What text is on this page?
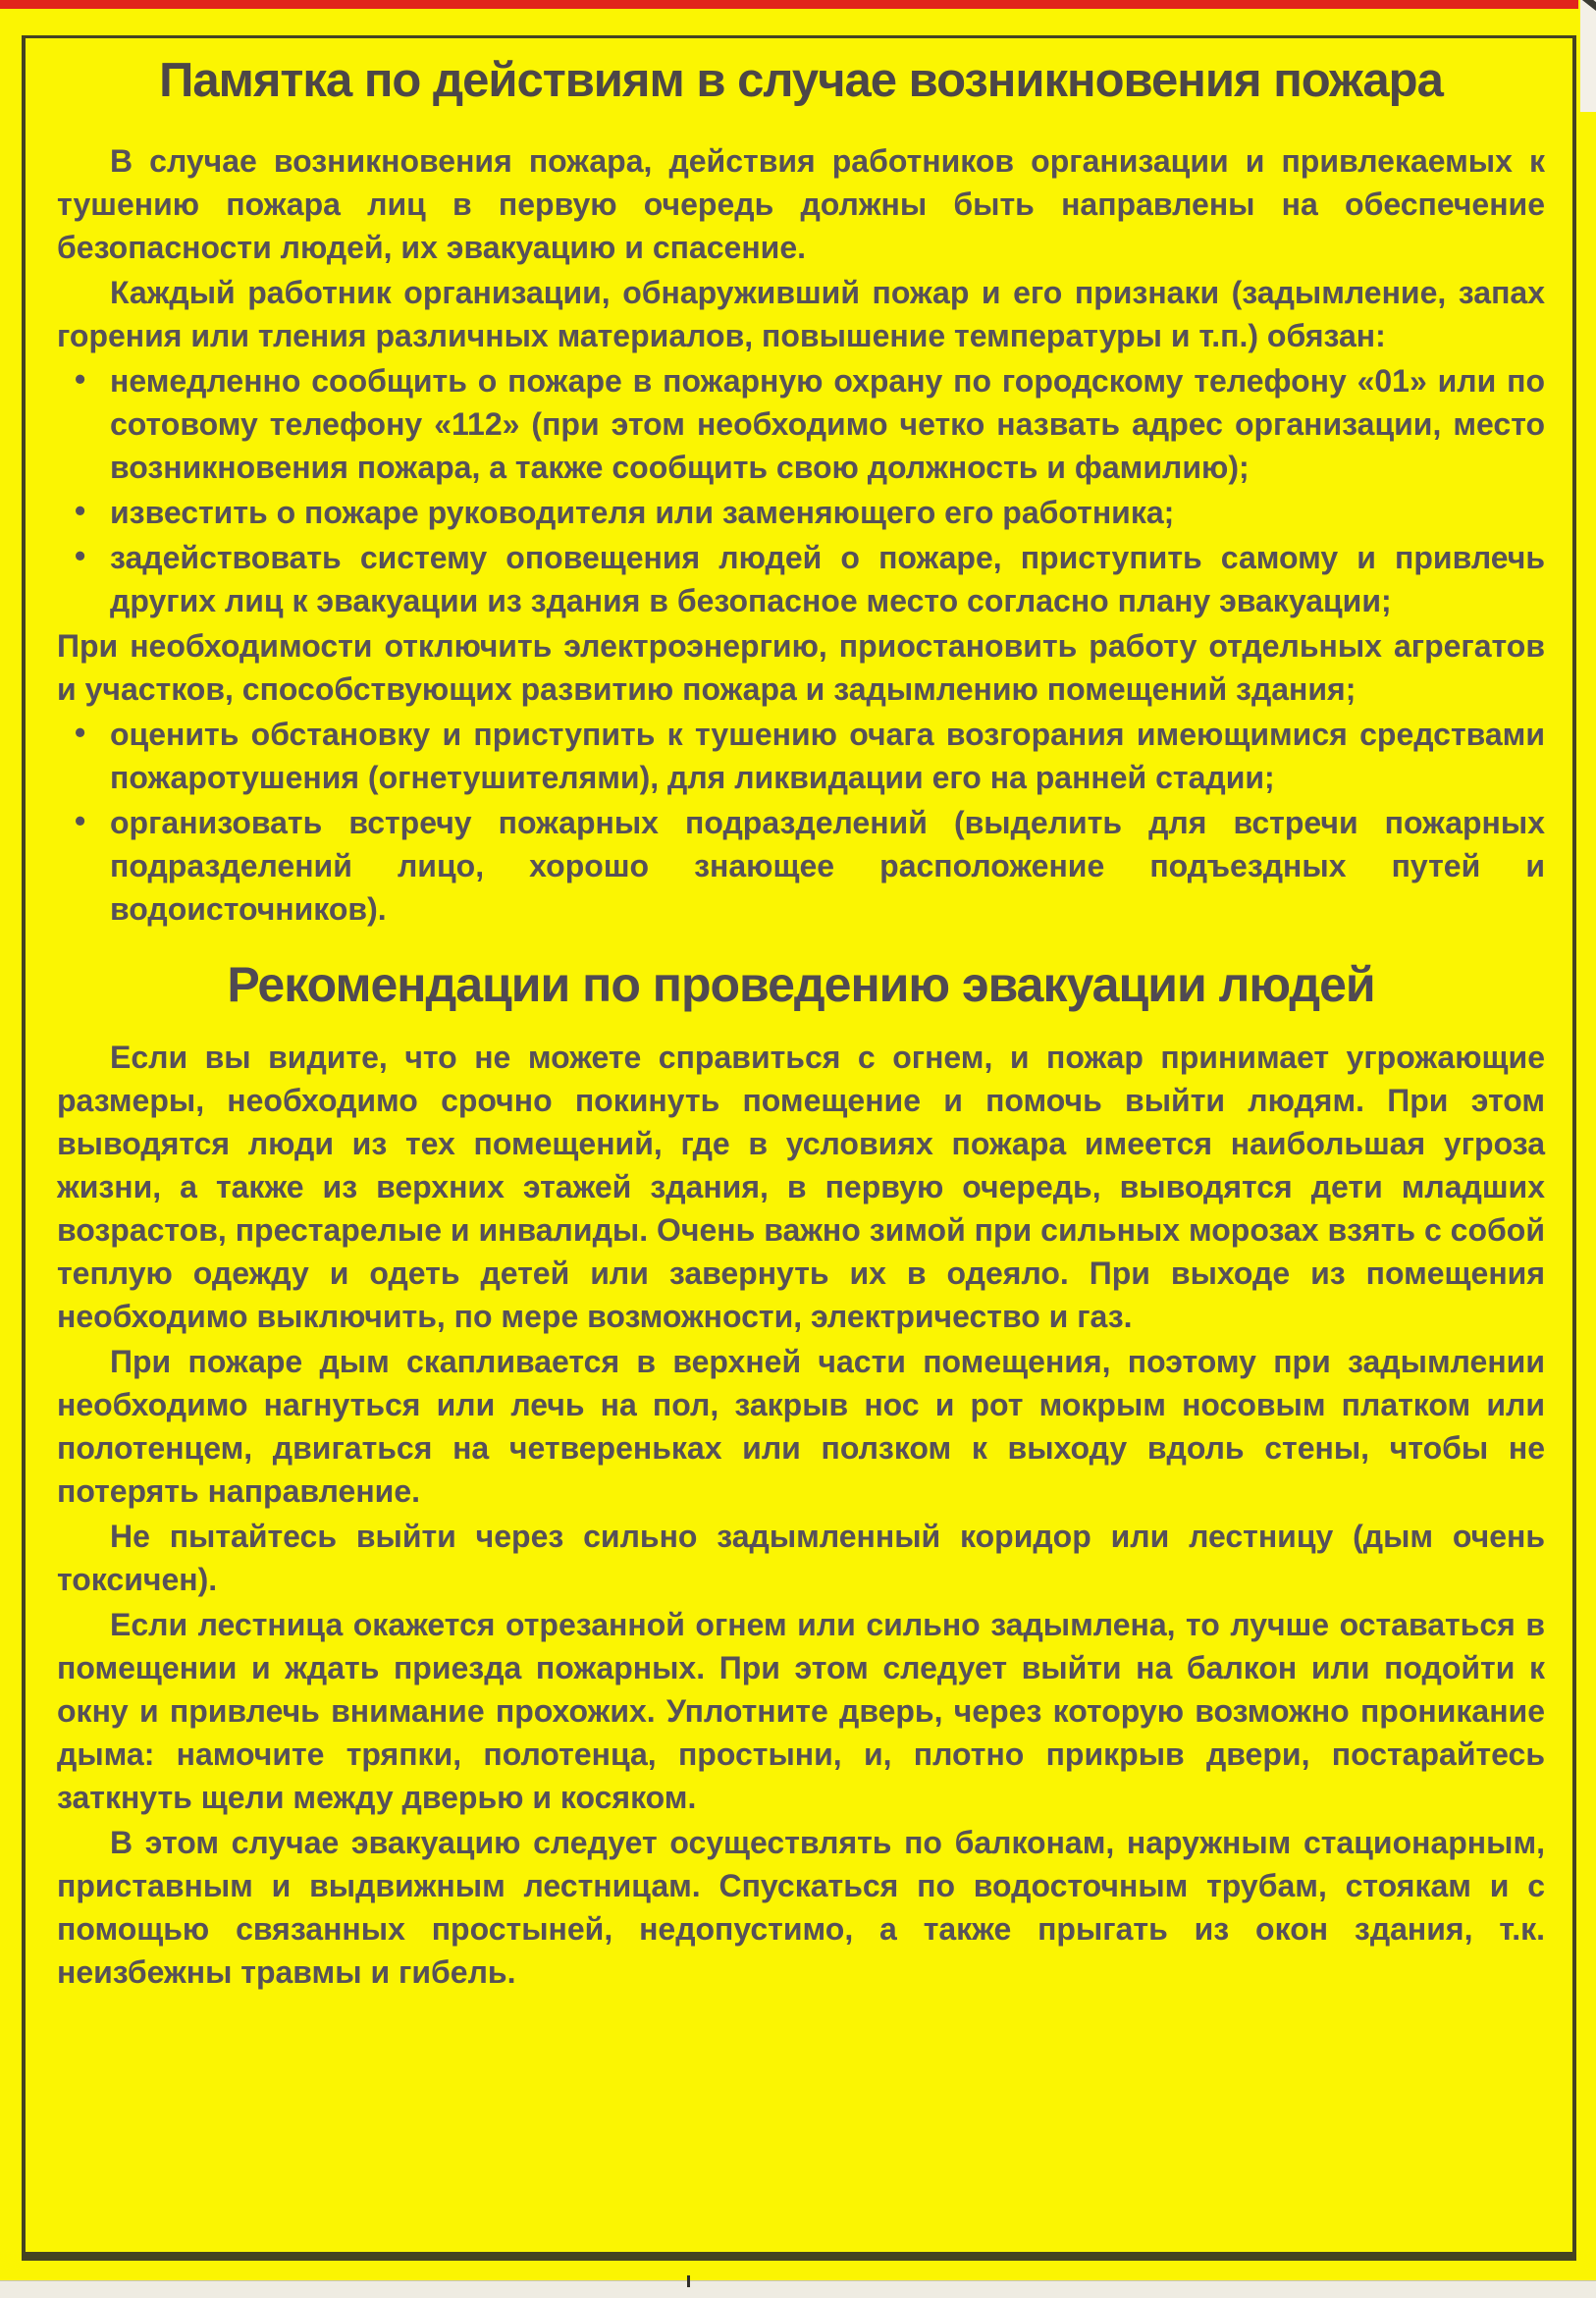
Памятка по действиям в случае возникновения пожара

В случае возникновения пожара, действия работников организации и привлекаемых к тушению пожара лиц в первую очередь должны быть направлены на обеспечение безопасности людей, их эвакуацию и спасение.

Каждый работник организации, обнаруживший пожар и его признаки (задымление, запах горения или тления различных материалов, повышение температуры и т.п.) обязан:

• немедленно сообщить о пожаре в пожарную охрану по городскому телефону «01» или по сотовому телефону «112» (при этом необходимо четко назвать адрес организации, место возникновения пожара, а также сообщить свою должность и фамилию);
• известить о пожаре руководителя или заменяющего его работника;
• задействовать систему оповещения людей о пожаре, приступить самому и привлечь других лиц к эвакуации из здания в безопасное место согласно плану эвакуации;

При необходимости отключить электроэнергию, приостановить работу отдельных агрегатов и участков, способствующих развитию пожара и задымлению помещений здания;

• оценить обстановку и приступить к тушению очага возгорания имеющимися средствами пожаротушения (огнетушителями), для ликвидации его на ранней стадии;
• организовать встречу пожарных подразделений (выделить для встречи пожарных подразделений лицо, хорошо знающее расположение подъездных путей и водоисточников).
Рекомендации по проведению эвакуации людей

Если вы видите, что не можете справиться с огнем, и пожар принимает угрожающие размеры, необходимо срочно покинуть помещение и помочь выйти людям. При этом выводятся люди из тех помещений, где в условиях пожара имеется наибольшая угроза жизни, а также из верхних этажей здания, в первую очередь, выводятся дети младших возрастов, престарелые и инвалиды. Очень важно зимой при сильных морозах взять с собой теплую одежду и одеть детей или завернуть их в одеяло. При выходе из помещения необходимо выключить, по мере возможности, электричество и газ.

При пожаре дым скапливается в верхней части помещения, поэтому при задымлении необходимо нагнуться или лечь на пол, закрыв нос и рот мокрым носовым платком или полотенцем, двигаться на четвереньках или ползком к выходу вдоль стены, чтобы не потерять направление.

Не пытайтесь выйти через сильно задымленный коридор или лестницу (дым очень токсичен).

Если лестница окажется отрезанной огнем или сильно задымлена, то лучше оставаться в помещении и ждать приезда пожарных. При этом следует выйти на балкон или подойти к окну и привлечь внимание прохожих. Уплотните дверь, через которую возможно проникание дыма: намочите тряпки, полотенца, простыни, и, плотно прикрыв двери, постарайтесь заткнуть щели между дверью и косяком.

В этом случае эвакуацию следует осуществлять по балконам, наружным стационарным, приставным и выдвижным лестницам. Спускаться по водосточным трубам, стоякам и с помощью связанных простыней, недопустимо, а также прыгать из окон здания, т.к. неизбежны травмы и гибель.
